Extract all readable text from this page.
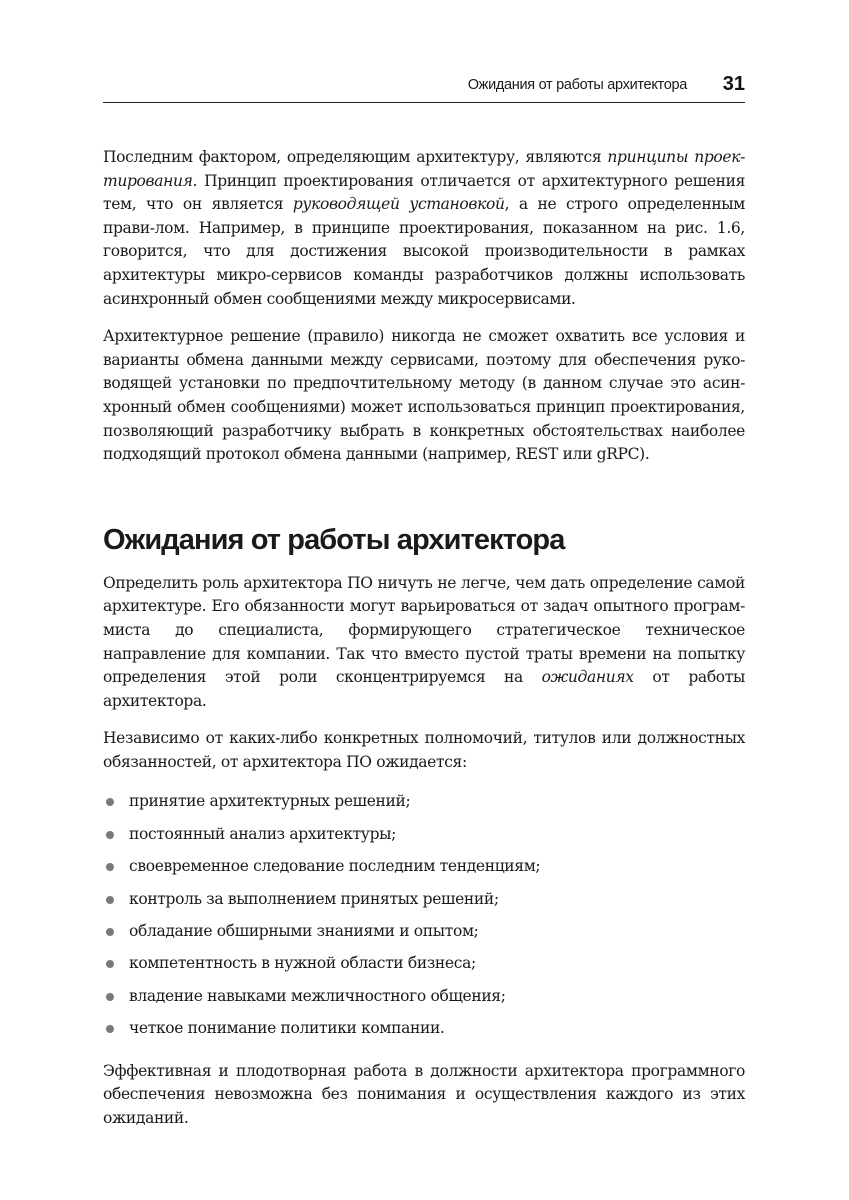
Ожидания от работы архитектора 31

Последним фактором, определяющим архитектуру, являются принципы проек-тирования. Принцип проектирования отличается от архитектурного решения тем, что он является руководящей установкой, а не строго определенным прави-лом. Например, в принципе проектирования, показанном на рис. 1.6, говорится, что для достижения высокой производительности в рамках архитектуры микро-сервисов команды разработчиков должны использовать асинхронный обмен сообщениями между микросервисами.

Архитектурное решение (правило) никогда не сможет охватить все условия и варианты обмена данными между сервисами, поэтому для обеспечения руко-водящей установки по предпочтительному методу (в данном случае это асин-хронный обмен сообщениями) может использоваться принцип проектирования, позволяющий разработчику выбрать в конкретных обстоятельствах наиболее подходящий протокол обмена данными (например, REST или gRPC).

Ожидания от работы архитектора

Определить роль архитектора ПО ничуть не легче, чем дать определение самой архитектуре. Его обязанности могут варьироваться от задач опытного програм-миста до специалиста, формирующего стратегическое техническое направление для компании. Так что вместо пустой траты времени на попытку определения этой роли сконцентрируемся на ожиданиях от работы архитектора.

Независимо от каких-либо конкретных полномочий, титулов или должностных обязанностей, от архитектора ПО ожидается:

принятие архитектурных решений;
постоянный анализ архитектуры;
своевременное следование последним тенденциям;
контроль за выполнением принятых решений;
обладание обширными знаниями и опытом;
компетентность в нужной области бизнеса;
владение навыками межличностного общения;
четкое понимание политики компании.

Эффективная и плодотворная работа в должности архитектора программного обеспечения невозможна без понимания и осуществления каждого из этих ожиданий.
